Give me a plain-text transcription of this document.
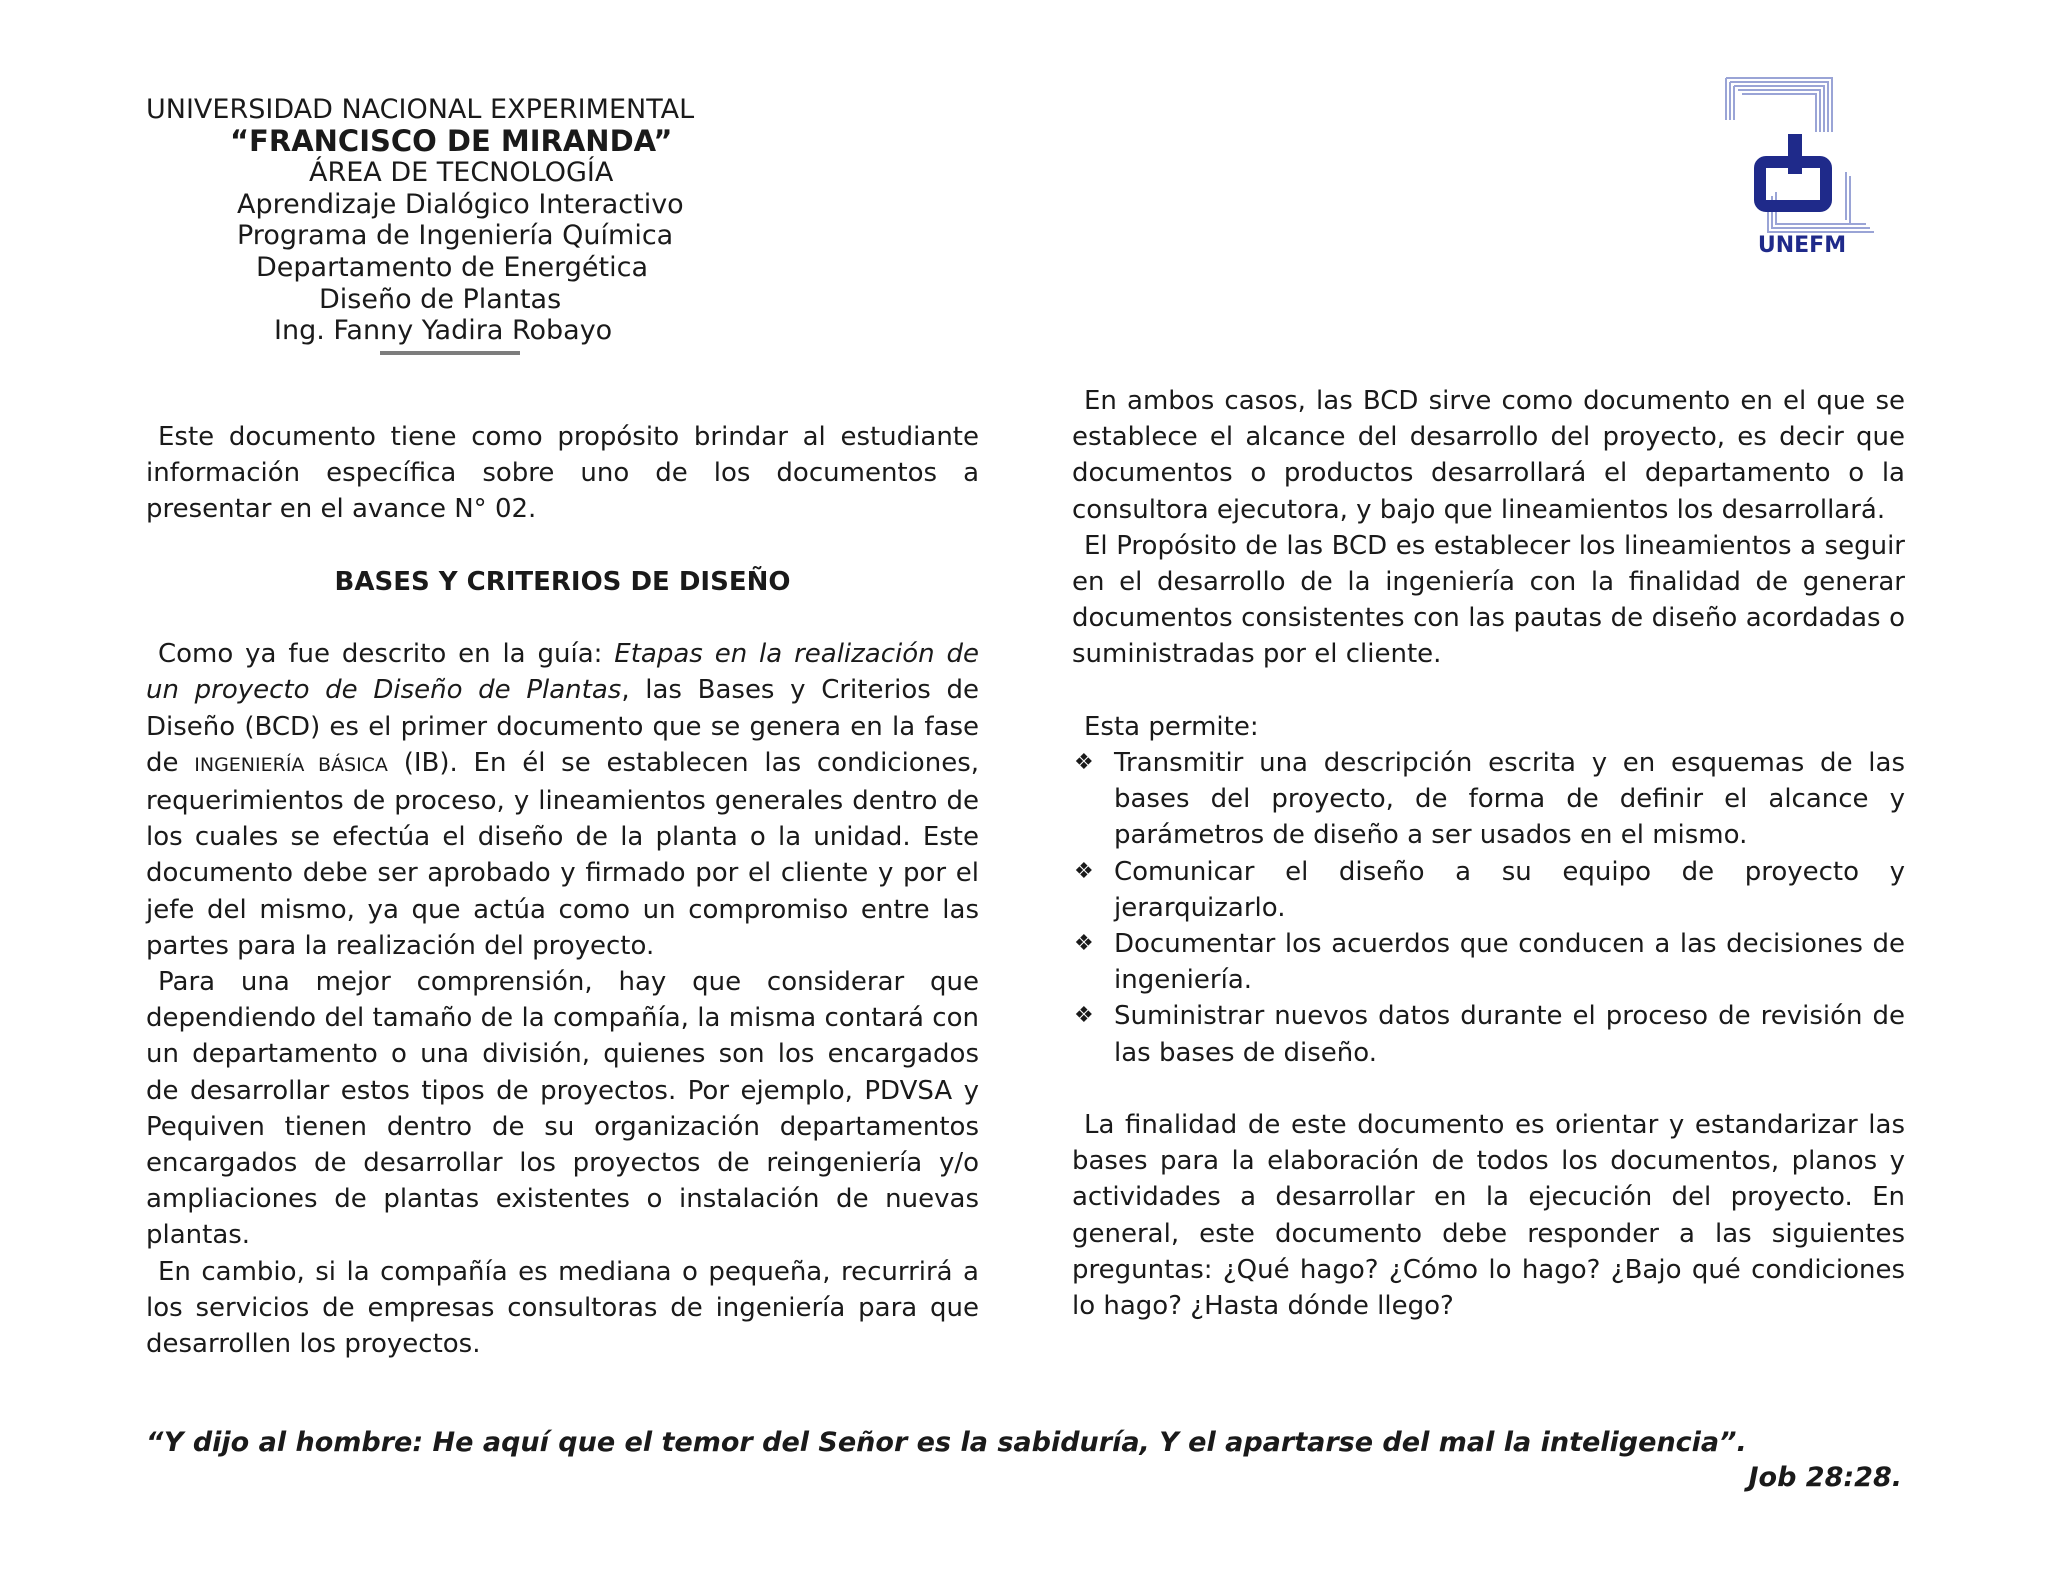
UNIVERSIDAD NACIONAL EXPERIMENTAL
“FRANCISCO DE MIRANDA”
ÁREA DE TECNOLOGÍA
Aprendizaje Dialógico Interactivo
Programa de Ingeniería Química
Departamento de Energética
Diseño de Plantas
Ing. Fanny Yadira Robayo
UNEFM

Este documento tiene como propósito brindar al estudiante información específica sobre uno de los documentos a presentar en el avance N° 02.

BASES Y CRITERIOS DE DISEÑO

Como ya fue descrito en la guía: Etapas en la realización de un proyecto de Diseño de Plantas, las Bases y Criterios de Diseño (BCD) es el primer documento que se genera en la fase de INGENIERÍA BÁSICA (IB). En él se establecen las condiciones, requerimientos de proceso, y lineamientos generales dentro de los cuales se efectúa el diseño de la planta o la unidad. Este documento debe ser aprobado y firmado por el cliente y por el jefe del mismo, ya que actúa como un compromiso entre las partes para la realización del proyecto.

Para una mejor comprensión, hay que considerar que dependiendo del tamaño de la compañía, la misma contará con un departamento o una división, quienes son los encargados de desarrollar estos tipos de proyectos. Por ejemplo, PDVSA y Pequiven tienen dentro de su organización departamentos encargados de desarrollar los proyectos de reingeniería y/o ampliaciones de plantas existentes o instalación de nuevas plantas.

En cambio, si la compañía es mediana o pequeña, recurrirá a los servicios de empresas consultoras de ingeniería para que desarrollen los proyectos.

En ambos casos, las BCD sirve como documento en el que se establece el alcance del desarrollo del proyecto, es decir que documentos o productos desarrollará el departamento o la consultora ejecutora, y bajo que lineamientos los desarrollará.

El Propósito de las BCD es establecer los lineamientos a seguir en el desarrollo de la ingeniería con la finalidad de generar documentos consistentes con las pautas de diseño acordadas o suministradas por el cliente.

Esta permite:

❖ Transmitir una descripción escrita y en esquemas de las bases del proyecto, de forma de definir el alcance y parámetros de diseño a ser usados en el mismo.
❖ Comunicar el diseño a su equipo de proyecto y jerarquizarlo.
❖ Documentar los acuerdos que conducen a las decisiones de ingeniería.
❖ Suministrar nuevos datos durante el proceso de revisión de las bases de diseño.

La finalidad de este documento es orientar y estandarizar las bases para la elaboración de todos los documentos, planos y actividades a desarrollar en la ejecución del proyecto. En general, este documento debe responder a las siguientes preguntas: ¿Qué hago? ¿Cómo lo hago? ¿Bajo qué condiciones lo hago? ¿Hasta dónde llego?

“Y dijo al hombre: He aquí que el temor del Señor es la sabiduría, Y el apartarse del mal la inteligencia”.
Job 28:28.
